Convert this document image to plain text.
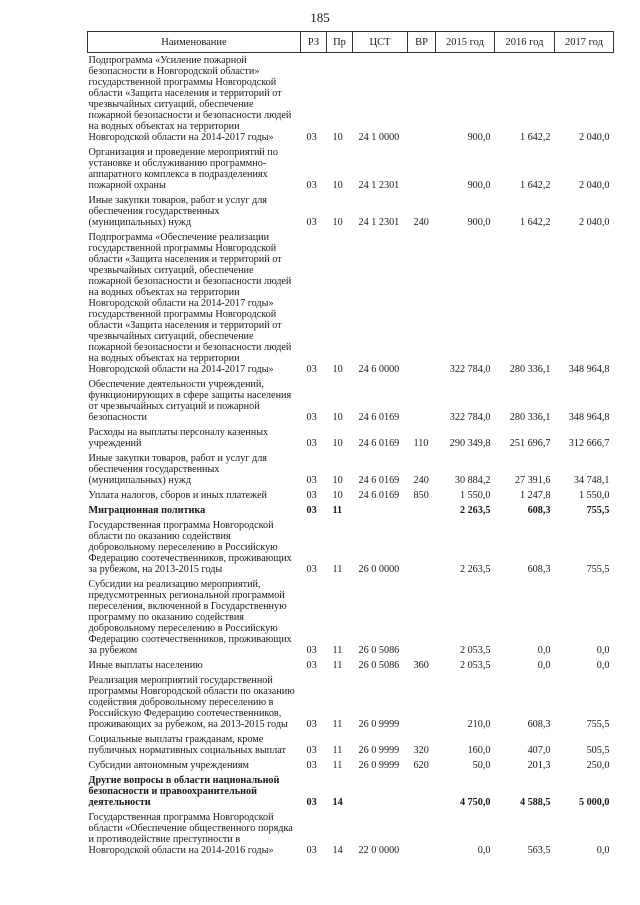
185
Наименование	РЗ	Пр	ЦСТ	ВР	2015 год	2016 год	2017 год
Подпрограмма «Усиление пожарной безопасности в Новгородской области» государственной программы Новгородской области «Защита населения и территорий от чрезвычайных ситуаций, обеспечение пожарной безопасности и безопасности людей на водных объектах на территории Новгородской области на 2014-2017 годы»	03	10	24 1 0000		900,0	1 642,2	2 040,0
Организация и проведение мероприятий по установке и обслуживанию программно-аппаратного комплекса в подразделениях пожарной охраны	03	10	24 1 2301		900,0	1 642,2	2 040,0
Иные закупки товаров, работ и услуг для обеспечения государственных (муниципальных) нужд	03	10	24 1 2301	240	900,0	1 642,2	2 040,0
Подпрограмма «Обеспечение реализации государственной программы Новгородской области «Защита населения и территорий от чрезвычайных ситуаций, обеспечение пожарной безопасности и безопасности людей на водных объектах на территории Новгородской области на 2014-2017 годы» государственной программы Новгородской области «Защита населения и территорий от чрезвычайных ситуаций, обеспечение пожарной безопасности и безопасности людей на водных объектах на территории Новгородской области на 2014-2017 годы»	03	10	24 6 0000		322 784,0	280 336,1	348 964,8
Обеспечение деятельности учреждений, функционирующих в сфере защиты населения от чрезвычайных ситуаций и пожарной безопасности	03	10	24 6 0169		322 784,0	280 336,1	348 964,8
Расходы на выплаты персоналу казенных учреждений	03	10	24 6 0169	110	290 349,8	251 696,7	312 666,7
Иные закупки товаров, работ и услуг для обеспечения государственных (муниципальных) нужд	03	10	24 6 0169	240	30 884,2	27 391,6	34 748,1
Уплата налогов, сборов и иных платежей	03	10	24 6 0169	850	1 550,0	1 247,8	1 550,0
Миграционная политика	03	11			2 263,5	608,3	755,5
Государственная программа Новгородской области по оказанию содействия добровольному переселению в Российскую Федерацию соотечественников, проживающих за рубежом, на 2013-2015 годы	03	11	26 0 0000		2 263,5	608,3	755,5
Субсидии на реализацию мероприятий, предусмотренных региональной программой переселения, включенной в Государственную программу по оказанию содействия добровольному переселению в Российскую Федерацию соотечественников, проживающих за рубежом	03	11	26 0 5086		2 053,5	0,0	0,0
Иные выплаты населению	03	11	26 0 5086	360	2 053,5	0,0	0,0
Реализация мероприятий государственной программы Новгородской области по оказанию содействия добровольному переселению в Российскую Федерацию соотечественников, проживающих за рубежом, на 2013-2015 годы	03	11	26 0 9999		210,0	608,3	755,5
Социальные выплаты гражданам, кроме публичных нормативных социальных выплат	03	11	26 0 9999	320	160,0	407,0	505,5
Субсидии автономным учреждениям	03	11	26 0 9999	620	50,0	201,3	250,0
Другие вопросы в области национальной безопасности и правоохранительной деятельности	03	14			4 750,0	4 588,5	5 000,0
Государственная программа Новгородской области «Обеспечение общественного порядка и противодействие преступности в Новгородской области на 2014-2016 годы»	03	14	22 0 0000		0,0	563,5	0,0
